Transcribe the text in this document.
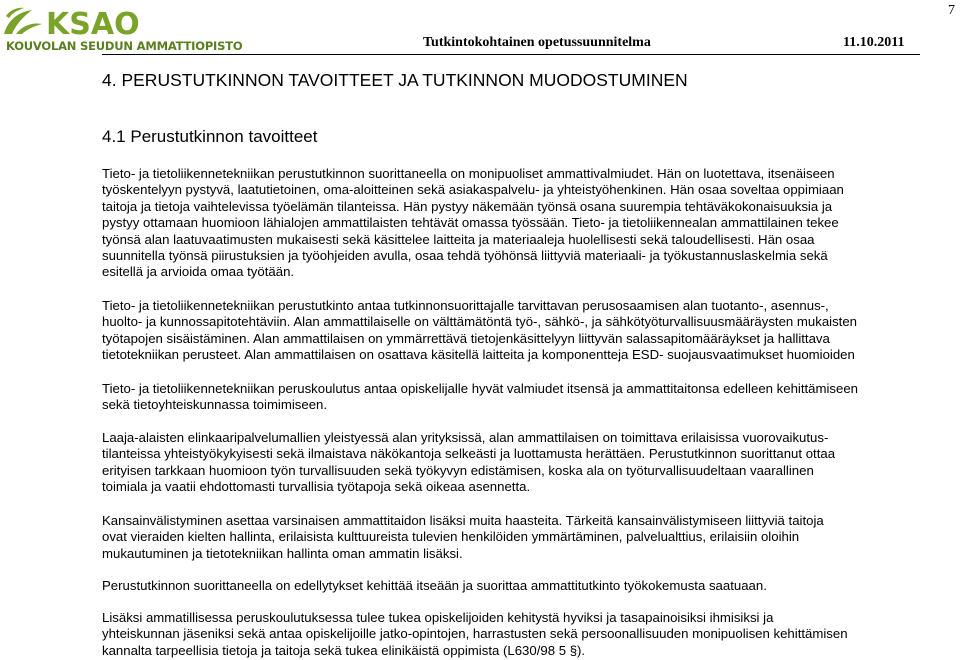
KSAO
KOUVOLAN SEUDUN AMMATTIOPISTO
7
Tutkintokohtainen opetussuunnitelma	11.10.2011
4. PERUSTUTKINNON TAVOITTEET JA TUTKINNON MUODOSTUMINEN
4.1 Perustutkinnon tavoitteet
Tieto- ja tietoliikennetekniikan perustutkinnon suorittaneella on monipuoliset ammattivalmiudet. Hän on luotettava, itsenäiseen
työskentelyyn pystyvä, laatutietoinen, oma-aloitteinen sekä asiakaspalvelu- ja yhteistyöhenkinen. Hän osaa soveltaa oppimiaan
taitoja ja tietoja vaihtelevissa työelämän tilanteissa. Hän pystyy näkemään työnsä osana suurempia tehtäväkokonaisuuksia ja
pystyy ottamaan huomioon lähialojen ammattilaisten tehtävät omassa työssään. Tieto- ja tietoliikennealan ammattilainen tekee
työnsä alan laatuvaatimusten mukaisesti sekä käsittelee laitteita ja materiaaleja huolellisesti sekä taloudellisesti. Hän osaa
suunnitella työnsä piirustuksien ja työohjeiden avulla, osaa tehdä työhönsä liittyviä materiaali- ja työkustannuslaskelmia sekä
esitellä ja arvioida omaa työtään.
Tieto- ja tietoliikennetekniikan perustutkinto antaa tutkinnonsuorittajalle tarvittavan perusosaamisen alan tuotanto-, asennus-,
huolto- ja kunnossapitotehtäviin. Alan ammattilaiselle on välttämätöntä työ-, sähkö-, ja sähkötyöturvallisuusmääräysten mukaisten
työtapojen sisäistäminen. Alan ammattilaisen on ymmärrettävä tietojenkäsittelyyn liittyvän salassapitomääräykset ja hallittava
tietotekniikan perusteet. Alan ammattilaisen on osattava käsitellä laitteita ja komponentteja ESD- suojausvaatimukset huomioiden
Tieto- ja tietoliikennetekniikan peruskoulutus antaa opiskelijalle hyvät valmiudet itsensä ja ammattitaitonsa edelleen kehittämiseen
sekä tietoyhteiskunnassa toimimiseen.
Laaja-alaisten elinkaaripalvelumallien yleistyessä alan yrityksissä, alan ammattilaisen on toimittava erilaisissa vuorovaikutus-
tilanteissa yhteistyökykyisesti sekä ilmaistava näkökantoja selkeästi ja luottamusta herättäen. Perustutkinnon suorittanut ottaa
erityisen tarkkaan huomioon työn turvallisuuden sekä työkyvyn edistämisen, koska ala on työturvallisuudeltaan vaarallinen
toimiala ja vaatii ehdottomasti turvallisia työtapoja sekä oikeaa asennetta.
Kansainvälistyminen asettaa varsinaisen ammattitaidon lisäksi muita haasteita. Tärkeitä kansainvälistymiseen liittyviä taitoja
ovat vieraiden kielten hallinta, erilaisista kulttuureista tulevien henkilöiden ymmärtäminen, palvelualttius, erilaisiin oloihin
mukautuminen ja tietotekniikan hallinta oman ammatin lisäksi.
Perustutkinnon suorittaneella on edellytykset kehittää itseään ja suorittaa ammattitutkinto työkokemusta saatuaan.
Lisäksi ammatillisessa peruskoulutuksessa tulee tukea opiskelijoiden kehitystä hyviksi ja tasapainoisiksi ihmisiksi ja
yhteiskunnan jäseniksi sekä antaa opiskelijoille jatko-opintojen, harrastusten sekä persoonallisuuden monipuolisen kehittämisen
kannalta tarpeellisia tietoja ja taitoja sekä tukea elinikäistä oppimista (L630/98 5 §).
